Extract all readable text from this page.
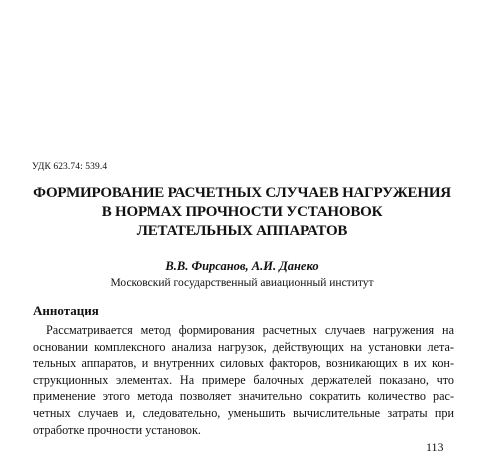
УДК 623.74: 539.4
ФОРМИРОВАНИЕ РАСЧЕТНЫХ СЛУЧАЕВ НАГРУЖЕНИЯ
В НОРМАХ ПРОЧНОСТИ УСТАНОВОК
ЛЕТАТЕЛЬНЫХ АППАРАТОВ
В.В. Фирсанов, А.И. Данеко
Московский государственный авиационный институт
Аннотация
Рассматривается метод формирования расчетных случаев нагружения на
основании комплексного анализа нагрузок, действующих на установки лета-
тельных аппаратов, и внутренних силовых факторов, возникающих в их кон-
струкционных элементах. На примере балочных держателей показано, что
применение этого метода позволяет значительно сократить количество рас-
четных случаев и, следовательно, уменьшить вычислительные затраты при
отработке прочности установок.
113
